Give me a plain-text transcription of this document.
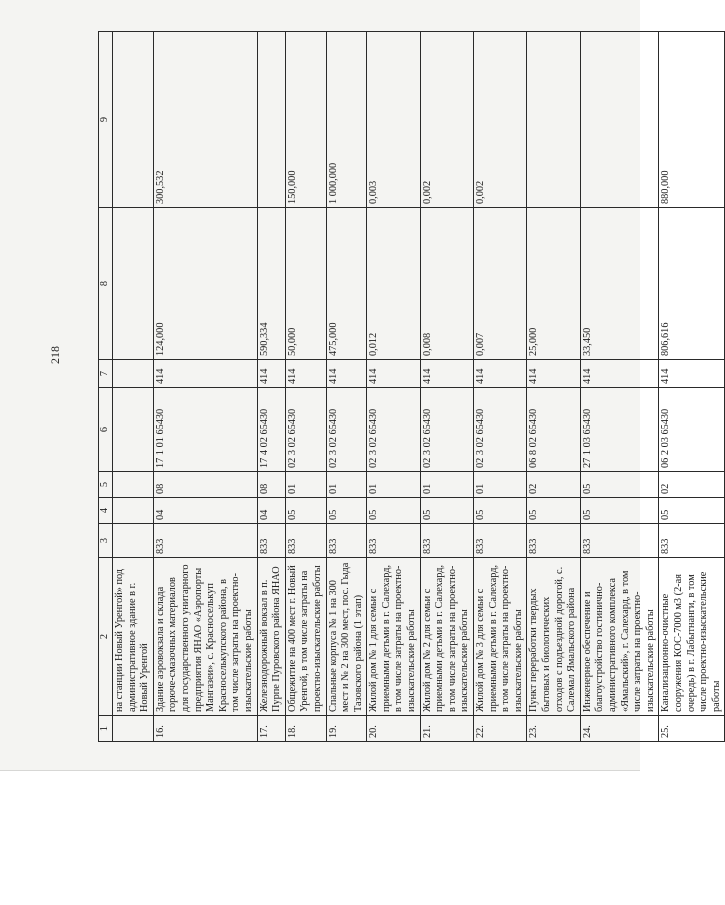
218
1	2	3	4	5	6	7	8	9
	на станции Новый Уренгой» под административное здание в г. Новый Уренгой							
16.	Здание аэровокзала и склада горюче-смазочных материалов для государственного унитарного предприятия ЯНАО «Аэропорты Мангазеи», с. Красноселькуп Красноселькупского района, в том числе затраты на проектно-изыскательские работы	833	04	08	17 1 01 65430	414	124,000	300,532
17.	Железнодорожный вокзал в п. Пурпе Пуровского района ЯНАО	833	04	08	17 4 02 65430	414	590,334	
18.	Общежитие на 400 мест г. Новый Уренгой, в том числе затраты на проектно-изыскательские работы	833	05	01	02 3 02 65430	414	50,000	150,000
19.	Спальные корпуса № 1 на 300 мест и № 2 на 300 мест, пос. Гыда Тазовского района (1 этап)	833	05	01	02 3 02 65430	414	475,000	1 000,000
20.	Жилой дом № 1 для семьи с приемными детьми в г. Салехард, в том числе затраты на проектно-изыскательские работы	833	05	01	02 3 02 65430	414	0,012	0,003
21.	Жилой дом № 2 для семьи с приемными детьми в г. Салехард, в том числе затраты на проектно-изыскательские работы	833	05	01	02 3 02 65430	414	0,008	0,002
22.	Жилой дом № 3 для семьи с приемными детьми в г. Салехард, в том числе затраты на проектно-изыскательские работы	833	05	01	02 3 02 65430	414	0,007	0,002
23.	Пункт переработки твердых бытовых и биологических отходов с подъездной дорогой, с. Салемал Ямальского района	833	05	02	06 8 02 65430	414	25,000	
24.	Инженерное обеспечение и благоустройство гостинично-административного комплекса «Ямальский», г. Салехард, в том числе затраты на проектно-изыскательские работы	833	05	05	27 1 03 65430	414	33,450	
25.	Канализационно-очистные сооружения КОС-7000 м3 (2-ая очередь) в г. Лабытнанги, в том числе проектно-изыскательские работы	833	05	02	06 2 03 65430	414	806,616	880,000
